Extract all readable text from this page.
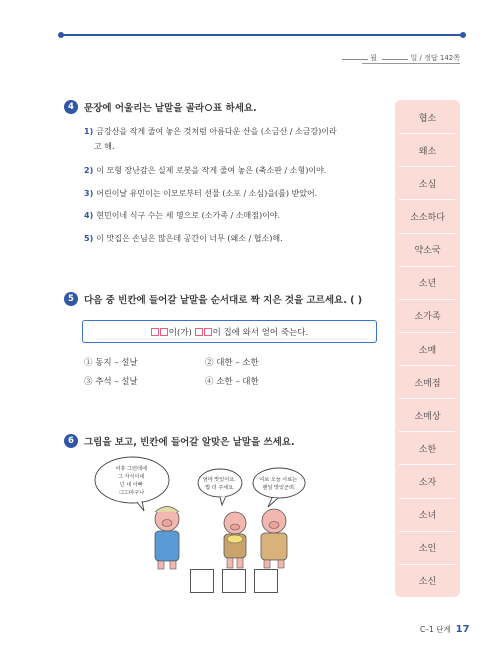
월	일 / 정답 142쪽
4	문장에 어울리는 낱말을 골라 ○ 표 하세요.
1) 금강산을 작게 줄여 놓은 것처럼 아름다운 산을 (소금산 / 소금강)이라
고 해.
2) 이 모형 장난감은 실제 로봇을 작게 줄여 놓은 (축소판 / 소형)이야.
3) 어린이날 유민이는 이모로부터 선물 (소포 / 소심)을(를) 받았어.
4) 현민이네 식구 수는 세 명으로 (소가족 / 소매점)이야.
5) 이 맛집은 손님은 많은데 공간이 너무 (왜소 / 협소)해.
5	다음 중 빈칸에 들어갈 낱말을 순서대로 짝 지은 것을 고르세요. ( )
이(가) 이 집에 와서 얻어 죽는다.
① 동지 – 설날	② 대한 – 소한
③ 추석 – 설날	④ 소한 – 대한
6	그림을 보고, 빈칸에 들어갈 알맞은 낱말을 쓰세요.
어휴 그런데에 그 자식이네 넌 내 아빠 □□□야구나
엄마 맛있어요. 밥 더 주세요.
여보 오늘 사료는 왠일 맛있군려.
협소
왜소
소심
소소하다
약소국
소년
소가족
소매
소매점
소매상
소한
소자
소녀
소인
소신
C–1 단계 17
